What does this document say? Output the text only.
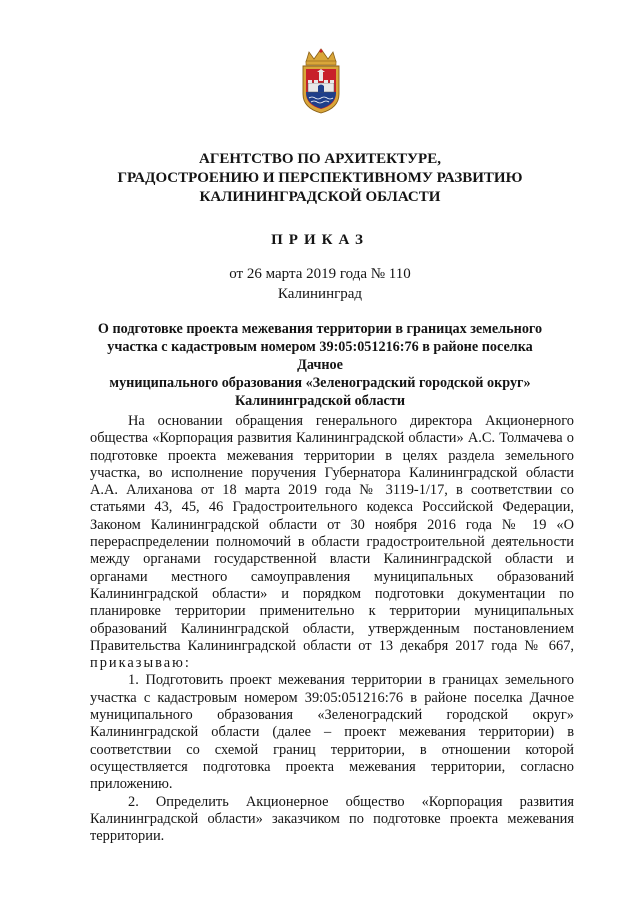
АГЕНТСТВО ПО АРХИТЕКТУРЕ,
ГРАДОСТРОЕНИЮ И ПЕРСПЕКТИВНОМУ РАЗВИТИЮ
КАЛИНИНГРАДСКОЙ ОБЛАСТИ
ПРИКАЗ
от 26 марта 2019 года № 110
Калининград
О подготовке проекта межевания территории в границах земельного
участка с кадастровым номером 39:05:051216:76 в районе поселка Дачное
муниципального образования «Зеленоградский городской округ»
Калининградской области

На основании обращения генерального директора Акционерного общества «Корпорация развития Калининградской области» А.С. Толмачева о подготовке проекта межевания территории в целях раздела земельного участка, во исполнение поручения Губернатора Калининградской области А.А. Алиханова от 18 марта 2019 года № 3119-1/17, в соответствии со статьями 43, 45, 46 Градостроительного кодекса Российской Федерации, Законом Калининградской области от 30 ноября 2016 года № 19 «О перераспределении полномочий в области градостроительной деятельности между органами государственной власти Калининградской области и органами местного самоуправления муниципальных образований Калининградской области» и порядком подготовки документации по планировке территории применительно к территории муниципальных образований Калининградской области, утвержденным постановлением Правительства Калининградской области от 13 декабря 2017 года № 667, приказываю:

1. Подготовить проект межевания территории в границах земельного участка с кадастровым номером 39:05:051216:76 в районе поселка Дачное муниципального образования «Зеленоградский городской округ» Калининградской области (далее – проект межевания территории) в соответствии со схемой границ территории, в отношении которой осуществляется подготовка проекта межевания территории, согласно приложению.

2. Определить Акционерное общество «Корпорация развития Калининградской области» заказчиком по подготовке проекта межевания территории.
